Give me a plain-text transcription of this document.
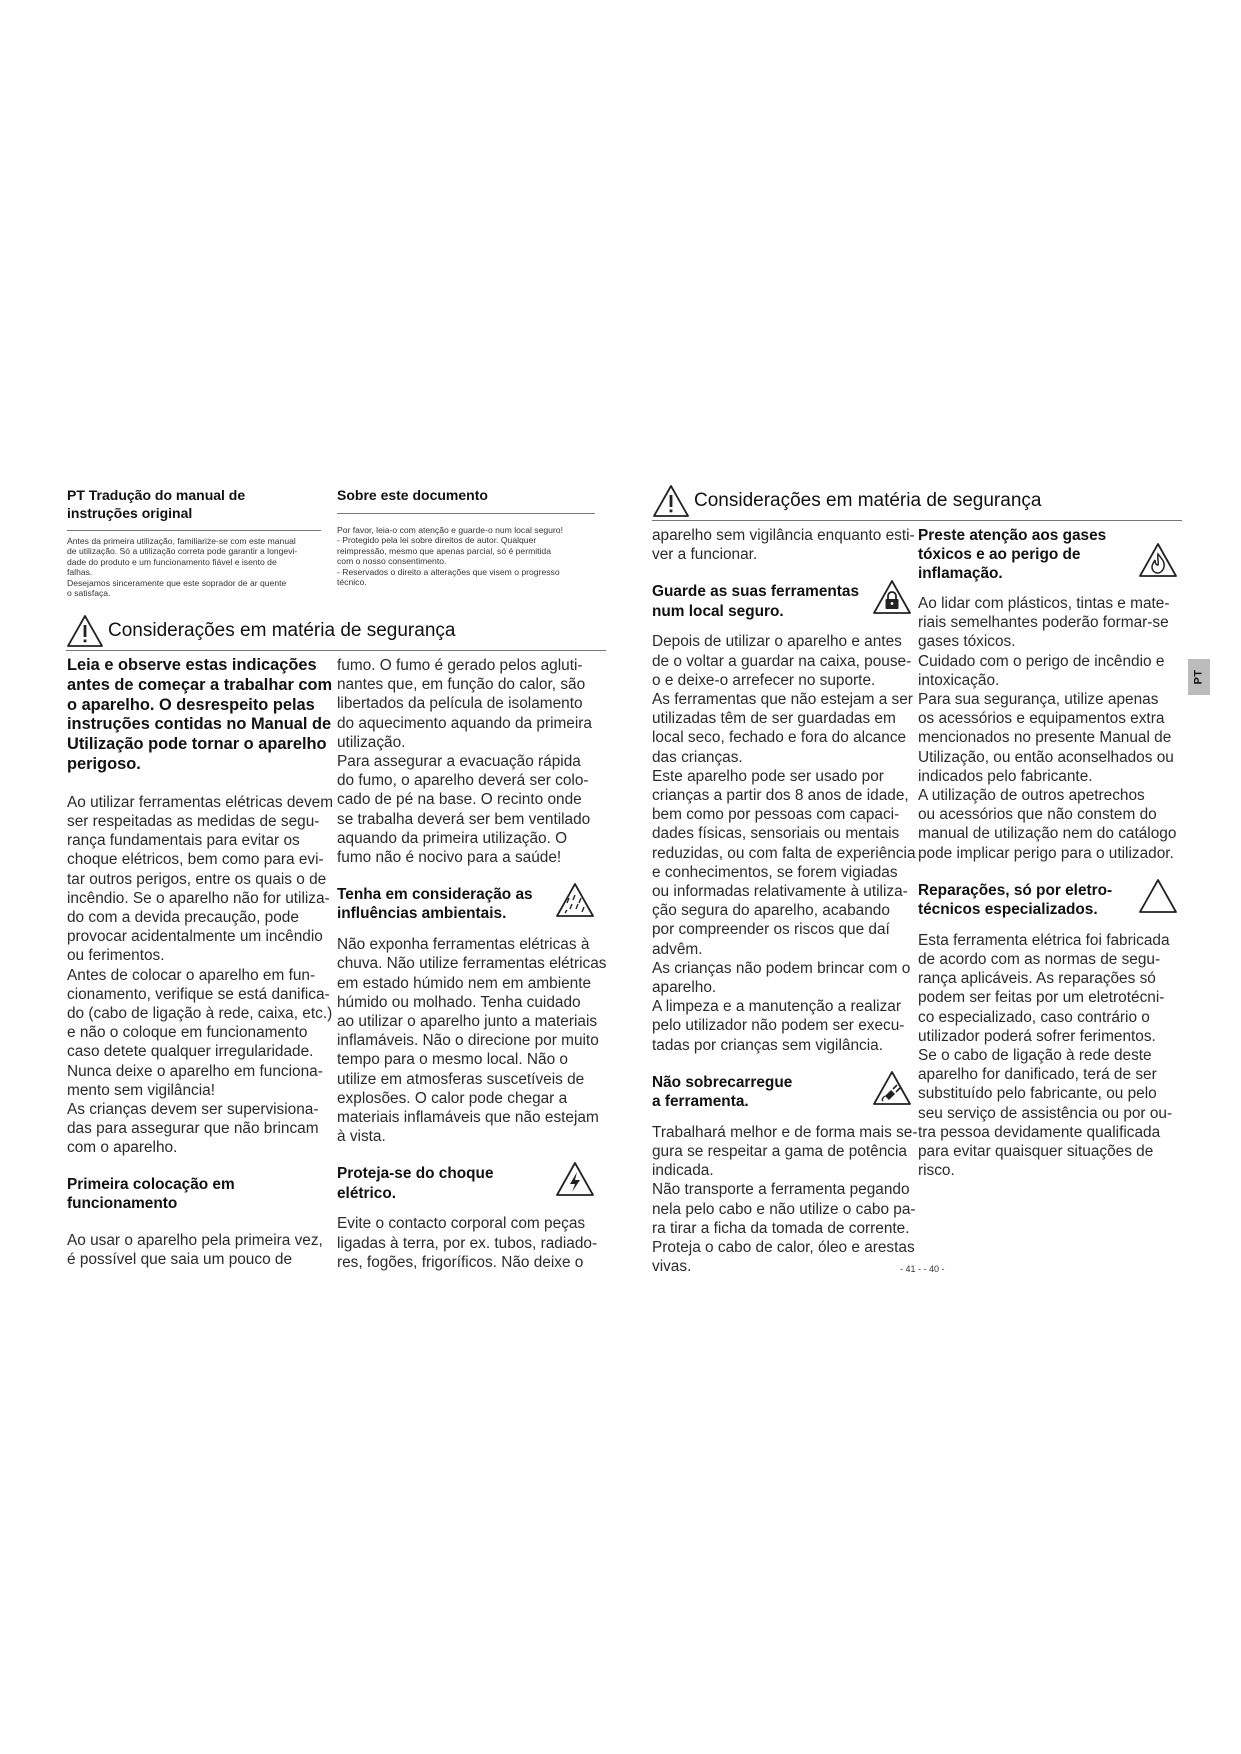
PT Tradução do manual de
instruções original

Antes da primeira utilização, familiarize-se com este manual
de utilização. Só a utilização correta pode garantir a longevi-
dade do produto e um funcionamento fiável e isento de
falhas.
Desejamos sinceramente que este soprador de ar quente
o satisfaça.

Sobre este documento

Por favor, leia-o com atenção e guarde-o num local seguro!
- Protegido pela lei sobre direitos de autor. Qualquer
reimpressão, mesmo que apenas parcial, só é permitida
com o nosso consentimento.
- Reservados o direito a alterações que visem o progresso
técnico.

Considerações em matéria de segurança

Leia e observe estas indicações
antes de começar a trabalhar com
o aparelho. O desrespeito pelas
instruções contidas no Manual de
Utilização pode tornar o aparelho
perigoso.

Ao utilizar ferramentas elétricas devem
ser respeitadas as medidas de segu-
rança fundamentais para evitar os
choque elétricos, bem como para evi-
tar outros perigos, entre os quais o de
incêndio. Se o aparelho não for utiliza-
do com a devida precaução, pode
provocar acidentalmente um incêndio
ou ferimentos.
Antes de colocar o aparelho em fun-
cionamento, verifique se está danifica-
do (cabo de ligação à rede, caixa, etc.)
e não o coloque em funcionamento
caso detete qualquer irregularidade.
Nunca deixe o aparelho em funciona-
mento sem vigilância!
As crianças devem ser supervisiona-
das para assegurar que não brincam
com o aparelho.

Primeira colocação em
funcionamento

Ao usar o aparelho pela primeira vez,
é possível que saia um pouco de

fumo. O fumo é gerado pelos agluti-
nantes que, em função do calor, são
libertados da película de isolamento
do aquecimento aquando da primeira
utilização.
Para assegurar a evacuação rápida
do fumo, o aparelho deverá ser colo-
cado de pé na base. O recinto onde
se trabalha deverá ser bem ventilado
aquando da primeira utilização. O
fumo não é nocivo para a saúde!

Tenha em consideração as
influências ambientais.

Não exponha ferramentas elétricas à
chuva. Não utilize ferramentas elétricas
em estado húmido nem em ambiente
húmido ou molhado. Tenha cuidado
ao utilizar o aparelho junto a materiais
inflamáveis. Não o direcione por muito
tempo para o mesmo local. Não o
utilize em atmosferas suscetíveis de
explosões. O calor pode chegar a
materiais inflamáveis que não estejam
à vista.

Proteja-se do choque
elétrico.

Evite o contacto corporal com peças
ligadas à terra, por ex. tubos, radiado-
res, fogões, frigoríficos. Não deixe o

Considerações em matéria de segurança

aparelho sem vigilância enquanto esti-
ver a funcionar.

Guarde as suas ferramentas
num local seguro.

Depois de utilizar o aparelho e antes
de o voltar a guardar na caixa, pouse-
o e deixe-o arrefecer no suporte.
As ferramentas que não estejam a ser
utilizadas têm de ser guardadas em
local seco, fechado e fora do alcance
das crianças.
Este aparelho pode ser usado por
crianças a partir dos 8 anos de idade,
bem como por pessoas com capaci-
dades físicas, sensoriais ou mentais
reduzidas, ou com falta de experiência
e conhecimentos, se forem vigiadas
ou informadas relativamente à utiliza-
ção segura do aparelho, acabando
por compreender os riscos que daí
advêm.
As crianças não podem brincar com o
aparelho.
A limpeza e a manutenção a realizar
pelo utilizador não podem ser execu-
tadas por crianças sem vigilância.

Não sobrecarregue
a ferramenta.

Trabalhará melhor e de forma mais se-
gura se respeitar a gama de potência
indicada.
Não transporte a ferramenta pegando
nela pelo cabo e não utilize o cabo pa-
ra tirar a ficha da tomada de corrente.
Proteja o cabo de calor, óleo e arestas
vivas.

Preste atenção aos gases
tóxicos e ao perigo de
inflamação.

Ao lidar com plásticos, tintas e mate-
riais semelhantes poderão formar-se
gases tóxicos.
Cuidado com o perigo de incêndio e
intoxicação.
Para sua segurança, utilize apenas
os acessórios e equipamentos extra
mencionados no presente Manual de
Utilização, ou então aconselhados ou
indicados pelo fabricante.
A utilização de outros apetrechos
ou acessórios que não constem do
manual de utilização nem do catálogo
pode implicar perigo para o utilizador.

Reparações, só por eletro-
técnicos especializados.

Esta ferramenta elétrica foi fabricada
de acordo com as normas de segu-
rança aplicáveis. As reparações só
podem ser feitas por um eletrotécni-
co especializado, caso contrário o
utilizador poderá sofrer ferimentos.
Se o cabo de ligação à rede deste
aparelho for danificado, terá de ser
substituído pelo fabricante, ou pelo
seu serviço de assistência ou por ou-
tra pessoa devidamente qualificada
para evitar quaisquer situações de
risco.

PT
- 41 - - 40 -
